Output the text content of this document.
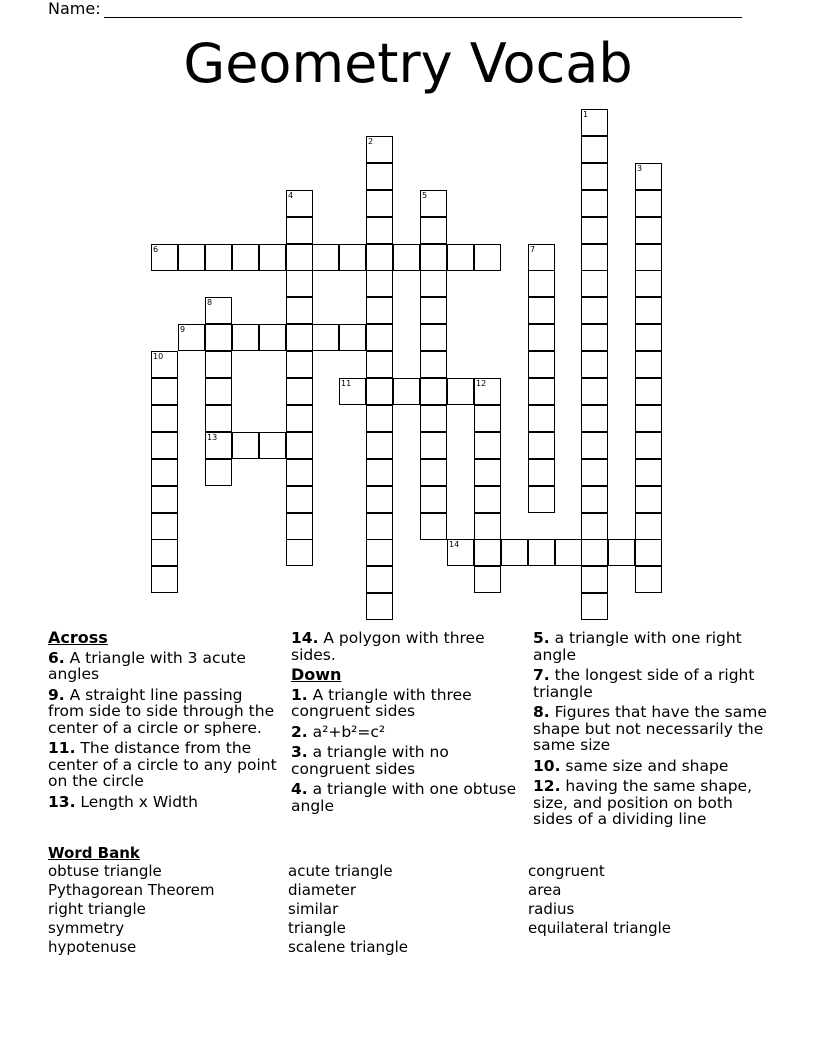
Name:
Geometry Vocab
1
2
3
4	5
6	7
8
13
9
10
11	12
14
Across
6. A triangle with 3 acute angles
9. A straight line passing from side to side through the center of a circle or sphere.
11. The distance from the center of a circle to any point on the circle
13. Length x Width
14. A polygon with three sides.
Down
1. A triangle with three congruent sides
2. a²+b²=c²
3. a triangle with no congruent sides
4. a triangle with one obtuse angle
5. a triangle with one right angle
7. the longest side of a right triangle
8. Figures that have the same shape but not necessarily the same size
10. same size and shape
12. having the same shape, size, and position on both sides of a dividing line
Word Bank
obtuse triangle
Pythagorean Theorem
right triangle
symmetry
hypotenuse
acute triangle
diameter
similar
triangle
scalene triangle
congruent
area
radius
equilateral triangle
